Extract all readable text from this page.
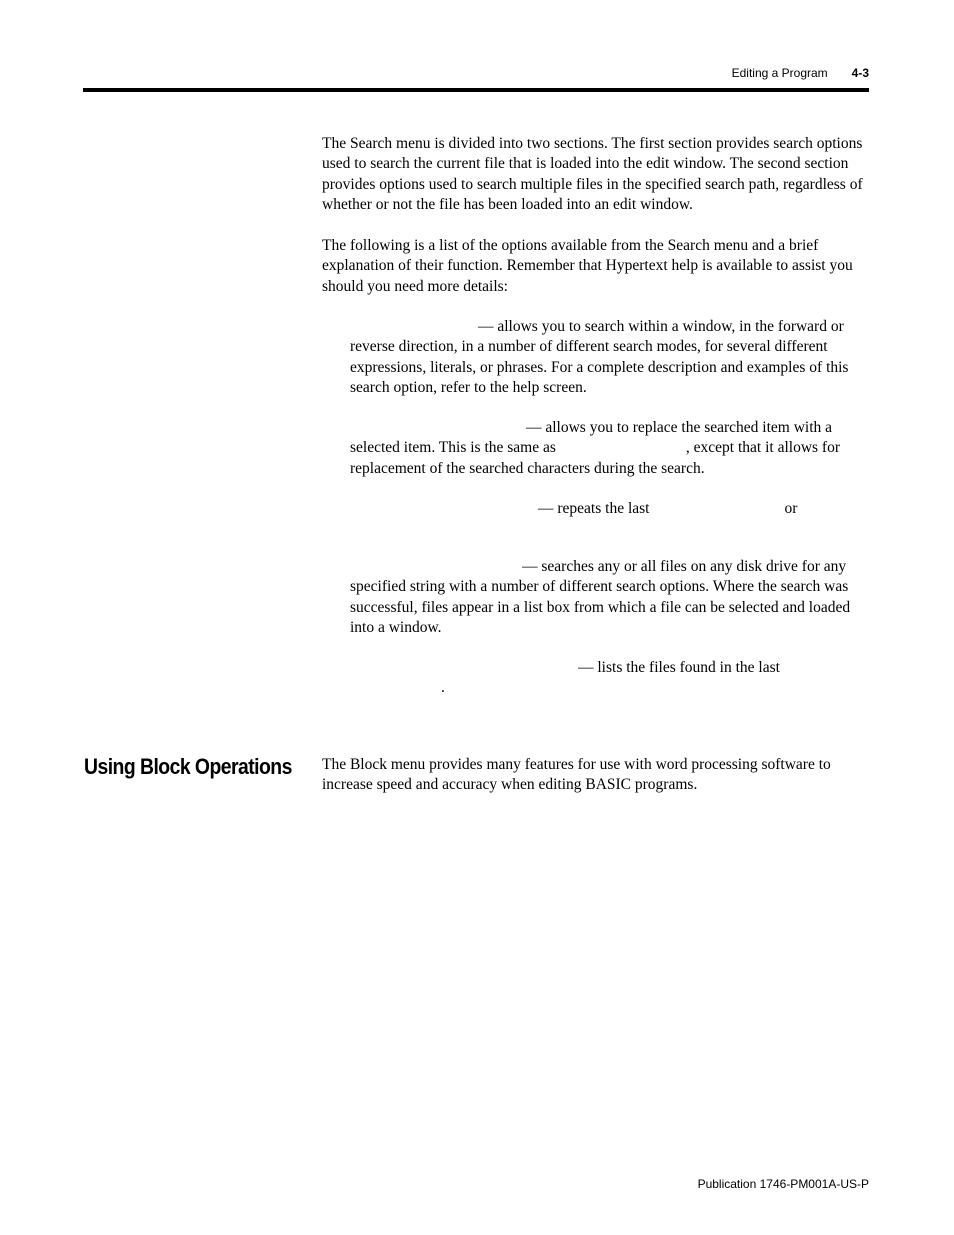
Editing a Program 4-3

The Search menu is divided into two sections. The first section provides search options used to search the current file that is loaded into the edit window. The second section provides options used to search multiple files in the specified search path, regardless of whether or not the file has been loaded into an edit window.

The following is a list of the options available from the Search menu and a brief explanation of their function. Remember that Hypertext help is available to assist you should you need more details:

— allows you to search within a window, in the forward or reverse direction, in a number of different search modes, for several different expressions, literals, or phrases. For a complete description and examples of this search option, refer to the help screen.

— allows you to replace the searched item with a selected item. This is the same as	, except that it allows for replacement of the searched characters during the search.

— repeats the last	or

— searches any or all files on any disk drive for any specified string with a number of different search options. Where the search was successful, files appear in a list box from which a file can be selected and loaded into a window.

— lists the files found in the last
.

Using Block Operations The Block menu provides many features for use with word processing software to increase speed and accuracy when editing BASIC programs.

Publication 1746-PM001A-US-P
